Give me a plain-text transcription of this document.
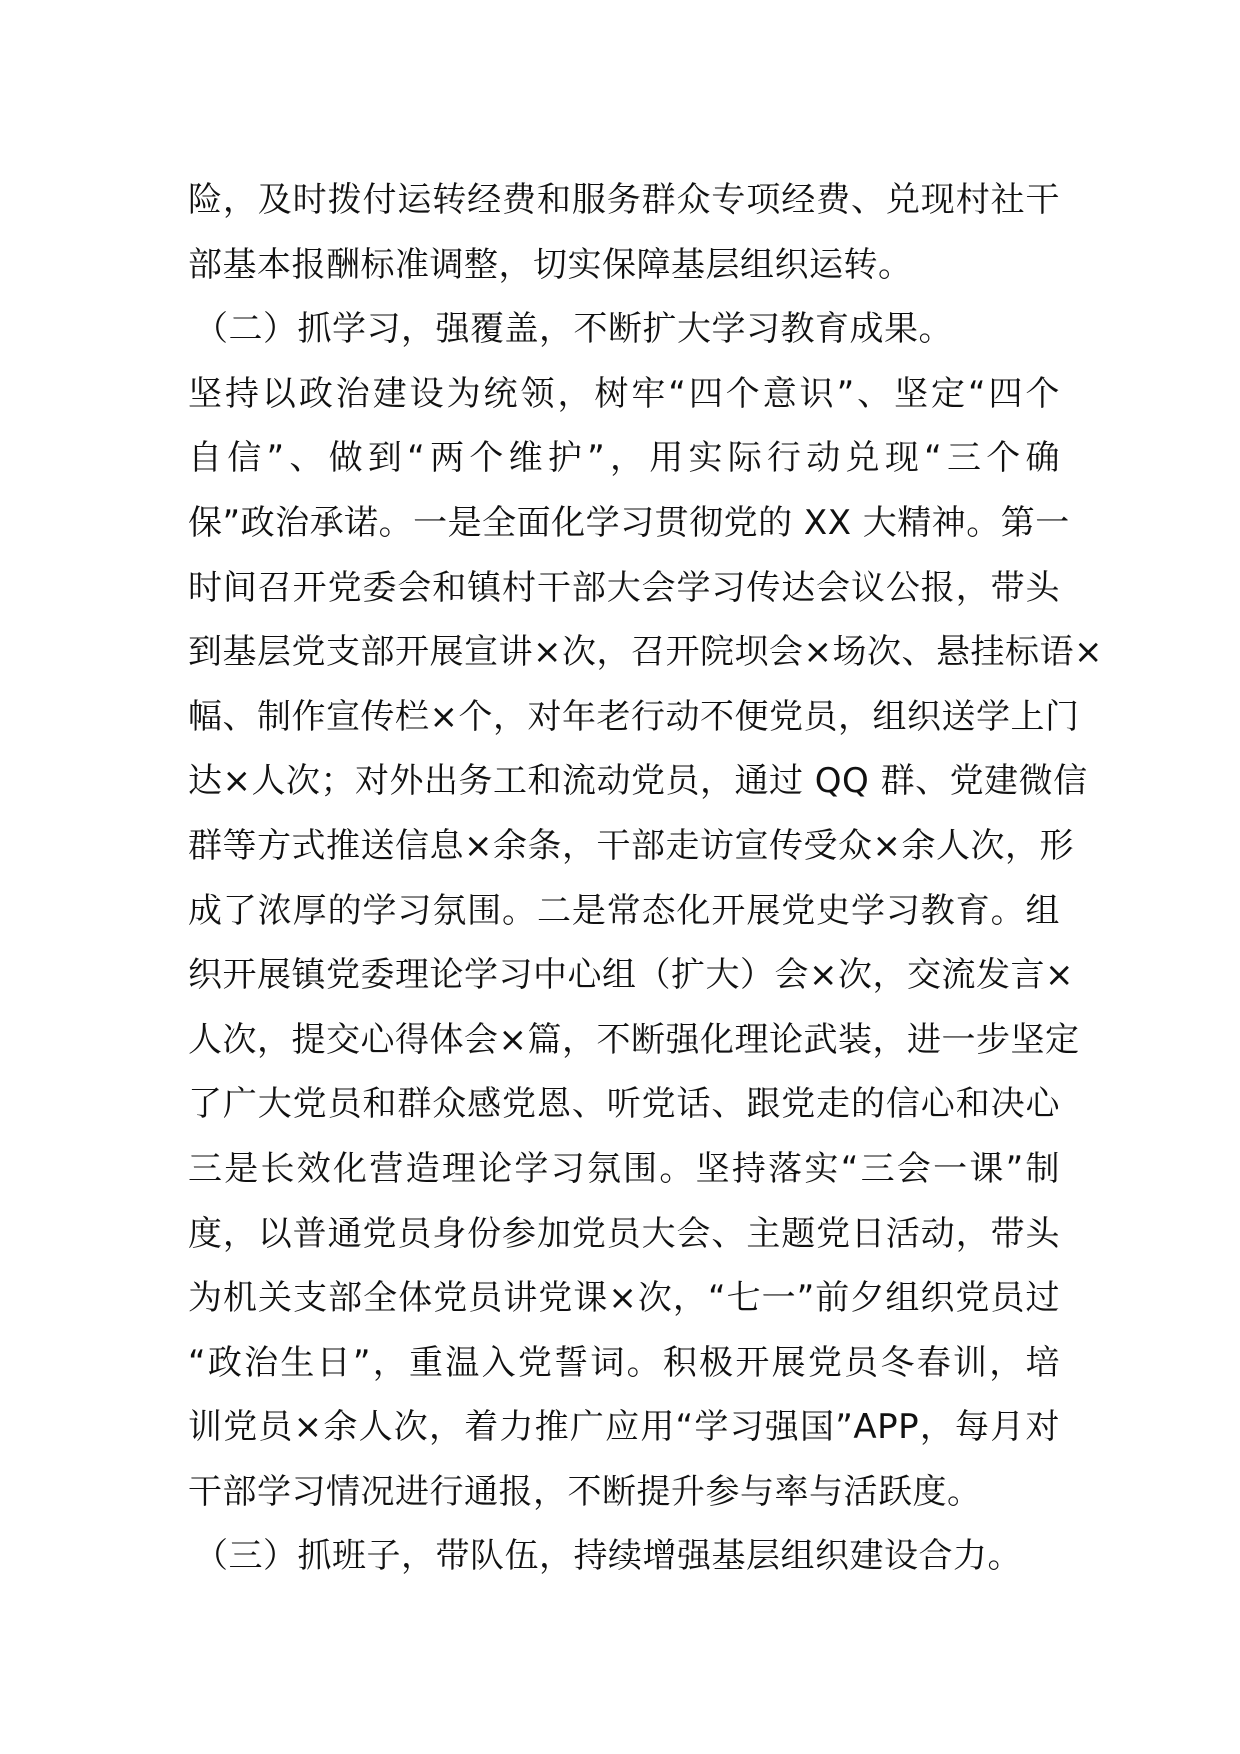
险，及时拨付运转经费和服务群众专项经费、兑现村社干
部基本报酬标准调整，切实保障基层组织运转。
（二）抓学习，强覆盖，不断扩大学习教育成果。
坚持以政治建设为统领，树牢“四个意识”、坚定“四个
自信”、做到“两个维护”，用实际行动兑现“三个确
保”政治承诺。一是全面化学习贯彻党的 XX 大精神。第一
时间召开党委会和镇村干部大会学习传达会议公报，带头
到基层党支部开展宣讲×次，召开院坝会×场次、悬挂标语×
幅、制作宣传栏×个，对年老行动不便党员，组织送学上门
达×人次；对外出务工和流动党员，通过 QQ 群、党建微信
群等方式推送信息×余条，干部走访宣传受众×余人次，形
成了浓厚的学习氛围。二是常态化开展党史学习教育。组
织开展镇党委理论学习中心组（扩大）会×次，交流发言×
人次，提交心得体会×篇，不断强化理论武装，进一步坚定
了广大党员和群众感党恩、听党话、跟党走的信心和决心
三是长效化营造理论学习氛围。坚持落实“三会一课”制
度，以普通党员身份参加党员大会、主题党日活动，带头
为机关支部全体党员讲党课×次，“七一”前夕组织党员过
“政治生日”，重温入党誓词。积极开展党员冬春训，培
训党员×余人次，着力推广应用“学习强国”APP，每月对
干部学习情况进行通报，不断提升参与率与活跃度。
（三）抓班子，带队伍，持续增强基层组织建设合力。
